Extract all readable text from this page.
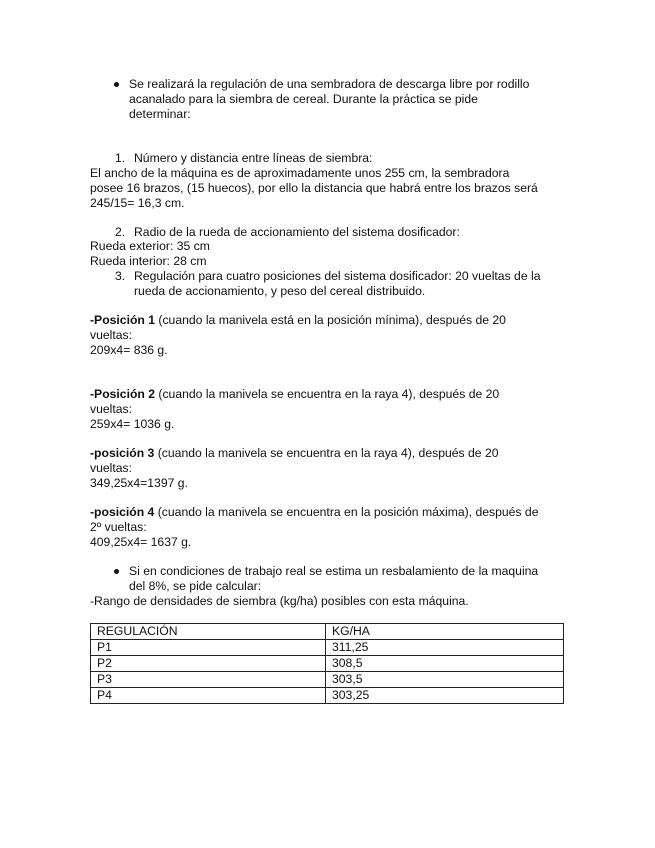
Se realizará la regulación de una sembradora de descarga libre por rodillo
acanalado para la siembra de cereal. Durante la práctica se pide
determinar:
1. Número y distancia entre líneas de siembra:
El ancho de la máquina es de aproximadamente unos 255 cm, la sembradora
posee 16 brazos, (15 huecos), por ello la distancia que habrá entre los brazos será
245/15= 16,3 cm.
2. Radio de la rueda de accionamiento del sistema dosificador:
Rueda exterior: 35 cm
Rueda interior: 28 cm
3. Regulación para cuatro posiciones del sistema dosificador: 20 vueltas de la
rueda de accionamiento, y peso del cereal distribuido.
-Posición 1 (cuando la manivela está en la posición mínima), después de 20
vueltas:
209x4= 836 g.
-Posición 2 (cuando la manivela se encuentra en la raya 4), después de 20
vueltas:
259x4= 1036 g.
-posición 3 (cuando la manivela se encuentra en la raya 4), después de 20
vueltas:
349,25x4=1397 g.
-posición 4 (cuando la manivela se encuentra en la posición máxima), después de
2º vueltas:
409,25x4= 1637 g.
Si en condiciones de trabajo real se estima un resbalamiento de la maquina
del 8%, se pide calcular:
-Rango de densidades de siembra (kg/ha) posibles con esta máquina.
REGULACIÓN	KG/HA
P1	311,25
P2	308,5
P3	303,5
P4	303,25
